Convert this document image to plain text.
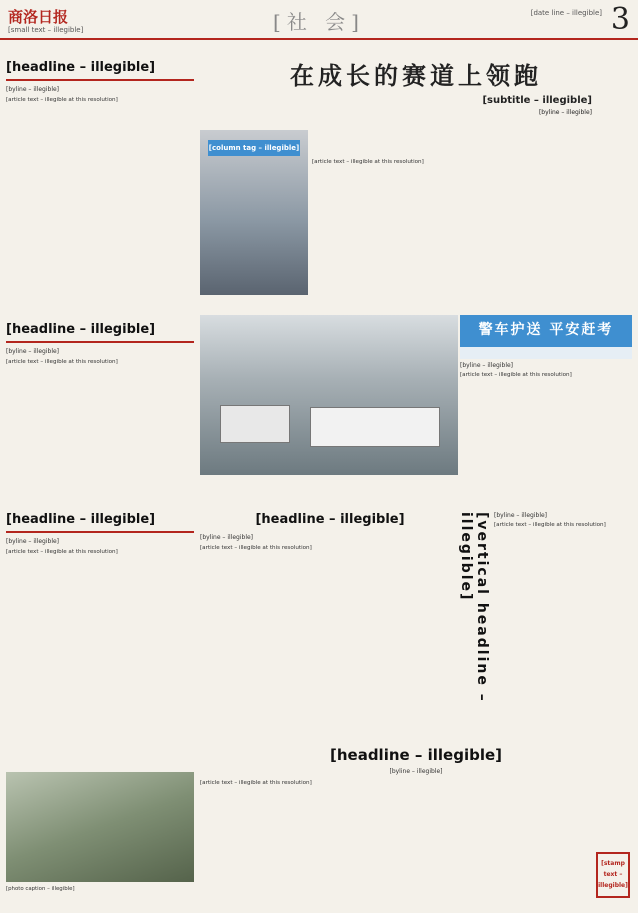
商洛日报
[small text – illegible]	[社 会]	[date line – illegible] 3
[headline – illegible]
[byline – illegible]

[article text – illegible at this resolution]

在成长的赛道上领跑
[subtitle – illegible]
[byline – illegible]
[column tag – illegible]

[article text – illegible at this resolution]

[headline – illegible]
[byline – illegible]

[article text – illegible at this resolution]

警车护送 平安赶考
[byline – illegible]

[article text – illegible at this resolution]

[headline – illegible]
[byline – illegible]

[article text – illegible at this resolution]

[photo caption – illegible]

[headline – illegible]
[byline – illegible]

[article text – illegible at this resolution]	[vertical headline – illegible]	[byline – illegible]

[article text – illegible at this resolution]

[headline – illegible]
[byline – illegible]

[article text – illegible at this resolution]

[stamp text – illegible]
